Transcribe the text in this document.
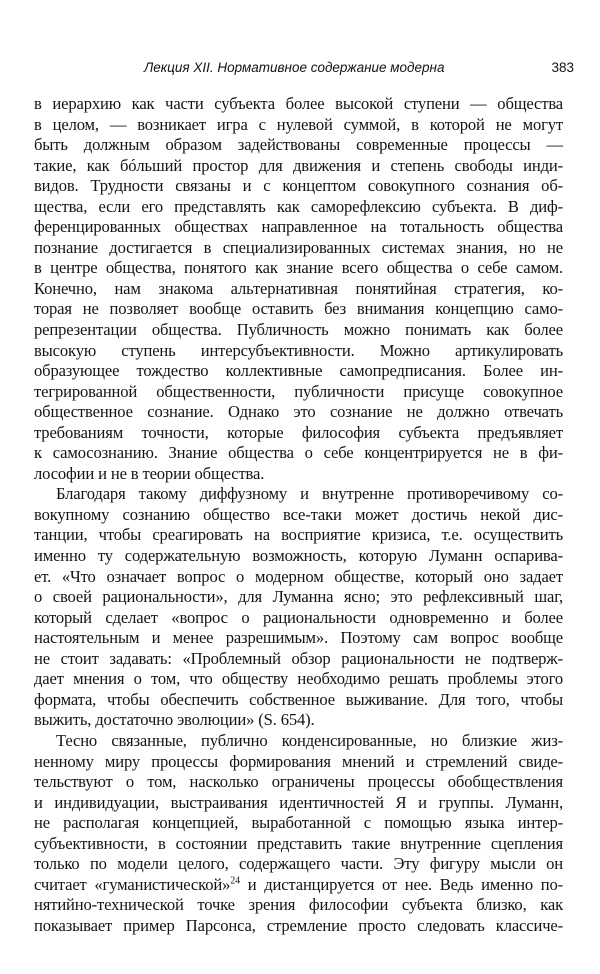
Лекция XII. Нормативное содержание модерна	383
в иерархию как части субъекта более высокой ступени — общества
в целом, — возникает игра с нулевой суммой, в которой не могут
быть должным образом задействованы современные процессы —
такие, как бóльший простор для движения и степень свободы инди-
видов. Трудности связаны и с концептом совокупного сознания об-
щества, если его представлять как саморефлексию субъекта. В диф-
ференцированных обществах направленное на тотальность общества
познание достигается в специализированных системах знания, но не
в центре общества, понятого как знание всего общества о себе самом.
Конечно, нам знакома альтернативная понятийная стратегия, ко-
торая не позволяет вообще оставить без внимания концепцию само-
репрезентации общества. Публичность можно понимать как более
высокую ступень интерсубъективности. Можно артикулировать
образующее тождество коллективные самопредписания. Более ин-
тегрированной общественности, публичности присуще совокупное
общественное сознание. Однако это сознание не должно отвечать
требованиям точности, которые философия субъекта предъявляет
к самосознанию. Знание общества о себе концентрируется не в фи-
лософии и не в теории общества.
Благодаря такому диффузному и внутренне противоречивому со-
вокупному сознанию общество все-таки может достичь некой дис-
танции, чтобы среагировать на восприятие кризиса, т.е. осуществить
именно ту содержательную возможность, которую Луманн оспарива-
ет. «Что означает вопрос о модерном обществе, который оно задает
о своей рациональности», для Луманна ясно; это рефлексивный шаг,
который сделает «вопрос о рациональности одновременно и более
настоятельным и менее разрешимым». Поэтому сам вопрос вообще
не стоит задавать: «Проблемный обзор рациональности не подтверж-
дает мнения о том, что обществу необходимо решать проблемы этого
формата, чтобы обеспечить собственное выживание. Для того, чтобы
выжить, достаточно эволюции» (S. 654).
Тесно связанные, публично конденсированные, но близкие жиз-
ненному миру процессы формирования мнений и стремлений свиде-
тельствуют о том, насколько ограничены процессы обобществления
и индивидуации, выстраивания идентичностей Я и группы. Луманн,
не располагая концепцией, выработанной с помощью языка интер-
субъективности, в состоянии представить такие внутренние сцепления
только по модели целого, содержащего части. Эту фигуру мысли он
считает «гуманистической»$^{24}$ и дистанцируется от нее. Ведь именно по-
нятийно-технической точке зрения философии субъекта близко, как
показывает пример Парсонса, стремление просто следовать классиче-
